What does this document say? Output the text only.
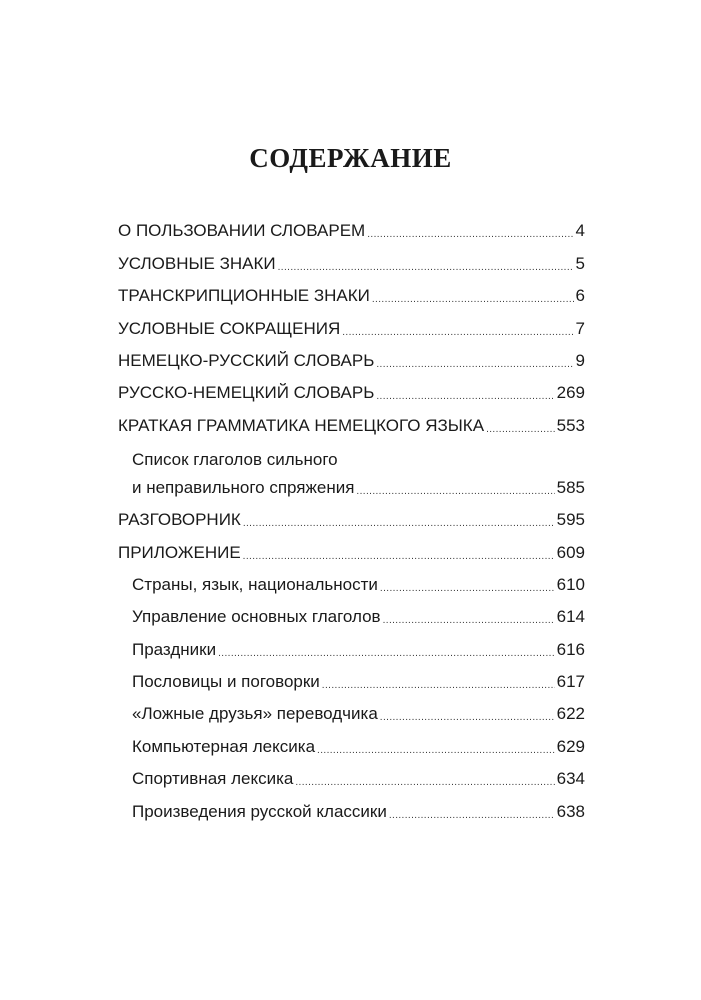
СОДЕРЖАНИЕ
О ПОЛЬЗОВАНИИ СЛОВАРЕМ .....	4
УСЛОВНЫЕ ЗНАКИ .....	5
ТРАНСКРИПЦИОННЫЕ ЗНАКИ .....	6
УСЛОВНЫЕ СОКРАЩЕНИЯ .....	7
НЕМЕЦКО-РУССКИЙ СЛОВАРЬ .....	9
РУССКО-НЕМЕЦКИЙ СЛОВАРЬ .....	269
КРАТКАЯ ГРАММАТИКА НЕМЕЦКОГО ЯЗЫКА .....	553
Список глаголов сильного
и неправильного спряжения .....	585
РАЗГОВОРНИК .....	595
ПРИЛОЖЕНИЕ .....	609
Страны, язык, национальности .....	610
Управление основных глаголов .....	614
Праздники .....	616
Пословицы и поговорки .....	617
«Ложные друзья» переводчика .....	622
Компьютерная лексика .....	629
Спортивная лексика .....	634
Произведения русской классики .....	638
